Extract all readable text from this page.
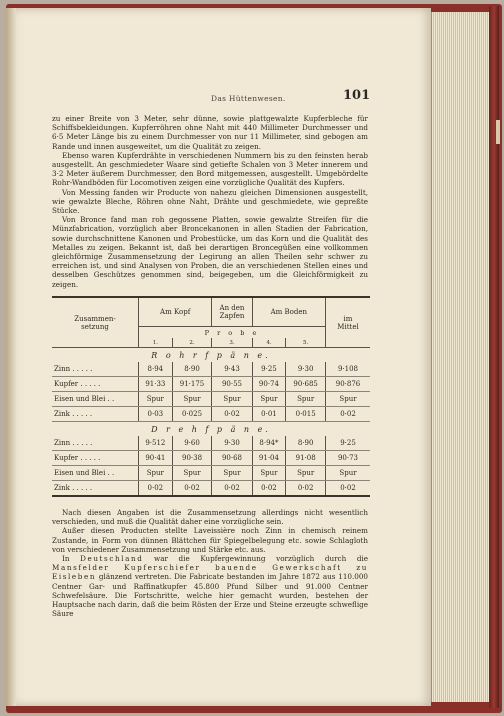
Das Hüttenwesen.	101

zu einer Breite von 3 Meter, sehr dünne, sowie plattgewalzte Kupferbleche für Schiffsbekleidungen. Kupferröhren ohne Naht mit 440 Millimeter Durchmesser und 6·5 Meter Länge bis zu einem Durchmesser von nur 11 Millimeter, sind gebogen am Rande und innen ausgeweitet, um die Qualität zu zeigen.

Ebenso waren Kupferdrähte in verschiedenen Nummern bis zu den feinsten herab ausgestellt. An geschmiedeter Waare sind getiefte Schalen von 3 Meter innerem und 3·2 Meter äußerem Durchmesser, den Bord mitgemessen, ausgestellt. Umgebördelte Rohr-Wandböden für Locomotiven zeigen eine vorzügliche Qualität des Kupfers.

Von Messing fanden wir Producte von nahezu gleichen Dimensionen ausgestellt, wie gewalzte Bleche, Röhren ohne Naht, Drähte und geschmiedete, wie gepreßte Stücke.

Von Bronce fand man roh gegossene Platten, sowie gewalzte Streifen für die Münzfabrication, vorzüglich aber Broncekanonen in allen Stadien der Fabrication, sowie durchschnittene Kanonen und Probestücke, um das Korn und die Qualität des Metalles zu zeigen. Bekannt ist, daß bei derartigen Broncegüßen eine vollkommen gleichförmige Zusammensetzung der Legirung an allen Theilen sehr schwer zu erreichen ist, und sind Analysen von Proben, die an verschiedenen Stellen eines und desselben Geschützes genommen sind, beigegeben, um die Gleichförmigkeit zu zeigen.

Zusammen-
setzung	Am Kopf		An den
Zapfen	Am Boden		im
Mittel
	P r o b e					
	1.	2.	3.	4.	5.	
R o h r f p ä n e.						
Zinn . . . . .	8·94	8·90	9·43	9·25	9·30	9·108
Kupfer . . . . .	91·33	91·175	90·55	90·74	90·685	90·876
Eisen und Blei . .	Spur	Spur	Spur	Spur	Spur	Spur
Zink . . . . .	0·03	0·025	0·02	0·01	0·015	0·02
D r e h f p ä n e.						
Zinn . . . . .	9·512	9·60	9·30	8·94*	8·90	9·25
Kupfer . . . . .	90·41	90·38	90·68	91·04	91·08	90·73
Eisen und Blei . .	Spur	Spur	Spur	Spur	Spur	Spur
Zink . . . . .	0·02	0·02	0·02	0·02	0·02	0·02

Nach diesen Angaben ist die Zusammensetzung allerdings nicht wesentlich verschieden, und muß die Qualität daher eine vorzügliche sein.

Außer diesen Producten stellte Laveissière noch Zinn in chemisch reinem Zustande, in Form von dünnen Blättchen für Spiegelbelegung etc. sowie Schlagloth von verschiedener Zusammensetzung und Stärke etc. aus.

In Deutschland war die Kupfergewinnung vorzüglich durch die Mansfelder Kupferschiefer bauende Gewerkschaft zu Eisleben glänzend vertreten. Die Fabricate bestanden im Jahre 1872 aus 110.000 Centner Gar- und Raffinatkupfer 45.800 Pfund Silber und 91.000 Centner Schwefelsäure. Die Fortschritte, welche hier gemacht wurden, bestehen der Hauptsache nach darin, daß die beim Rösten der Erze und Steine erzeugte schweflige Säure
